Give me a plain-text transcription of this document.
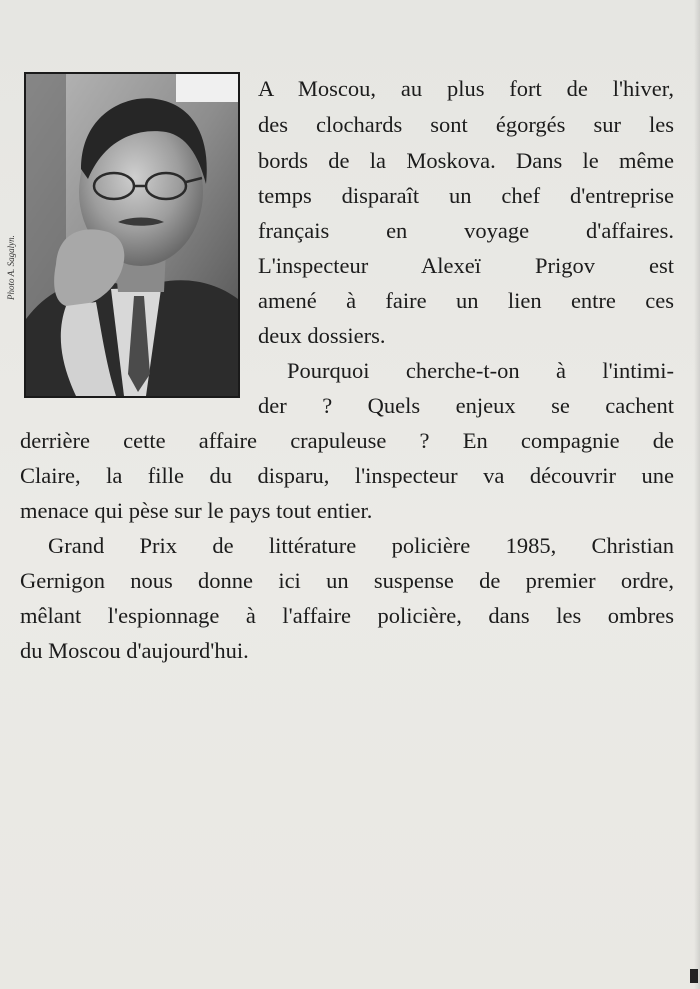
Photo A. Sagalyn.
A Moscou, au plus fort de l'hiver,
des clochards sont égorgés sur les
bords de la Moskova. Dans le même
temps disparaît un chef d'entreprise
français en voyage d'affaires.
L'inspecteur Alexeï Prigov est
amené à faire un lien entre ces
deux dossiers.
Pourquoi cherche-t-on à l'intimi-
der ? Quels enjeux se cachent
derrière cette affaire crapuleuse ? En compagnie de
Claire, la fille du disparu, l'inspecteur va découvrir une
menace qui pèse sur le pays tout entier.
Grand Prix de littérature policière 1985, Christian
Gernigon nous donne ici un suspense de premier ordre,
mêlant l'espionnage à l'affaire policière, dans les ombres
du Moscou d'aujourd'hui.
